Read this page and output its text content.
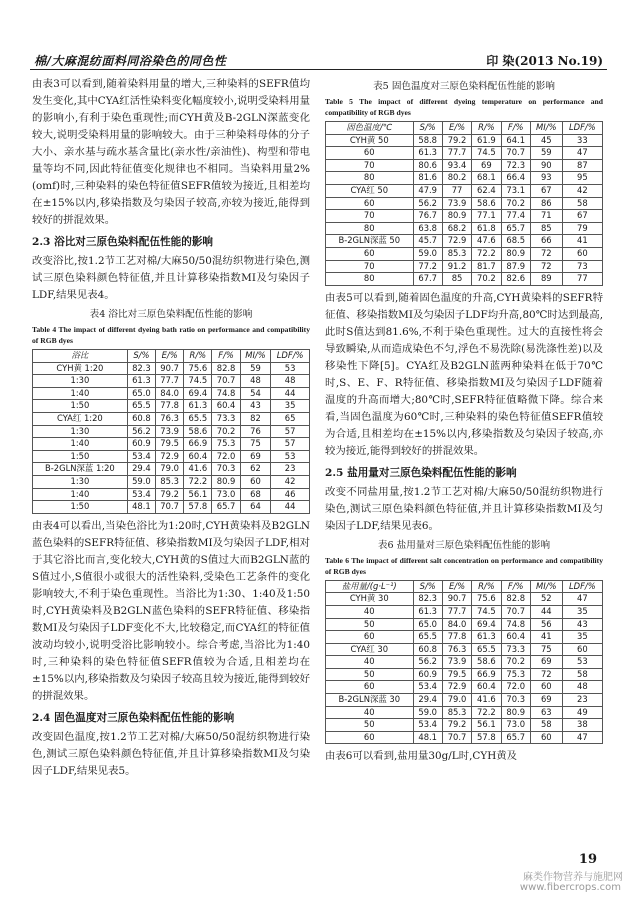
棉/大麻混纺面料同浴染色的同色性	印 染(2013 No.19)

由表3可以看到,随着染料用量的增大,三种染料的SEFR值均发生变化,其中CYA红活性染料变化幅度较小,说明受染料用量的影响小,有利于染色重现性;而CYH黄及B-2GLN深蓝变化较大,说明受染料用量的影响较大。由于三种染料母体的分子大小、亲水基与疏水基含量比(亲水性/亲油性)、构型和带电量等均不同,因此特征值变化规律也不相同。当染料用量2%(omf)时,三种染料的染色特征值SEFR值较为接近,且相差均在±15%以内,移染指数及匀染因子较高,亦较为接近,能得到较好的拼混效果。

2.3 浴比对三原色染料配伍性能的影响

改变浴比,按1.2节工艺对棉/大麻50/50混纺织物进行染色,测试三原色染料颜色特征值,并且计算移染指数MI及匀染因子LDF,结果见表4。

表4 浴比对三原色染料配伍性能的影响
Table 4 The impact of different dyeing bath ratio on performance and compatibility of RGB dyes
浴比	S/%	E/%	R/%	F/%	MI/%	LDF/%
CYH黄 1:20	82.3	90.7	75.6	82.8	59	53
1:30	61.3	77.7	74.5	70.7	48	48
1:40	65.0	84.0	69.4	74.8	54	44
1:50	65.5	77.8	61.3	60.4	43	35
CYA红 1:20	60.8	76.3	65.5	73.3	82	65
1:30	56.2	73.9	58.6	70.2	76	57
1:40	60.9	79.5	66.9	75.3	75	57
1:50	53.4	72.9	60.4	72.0	69	53
B-2GLN深蓝 1:20	29.4	79.0	41.6	70.3	62	23
1:30	59.0	85.3	72.2	80.9	60	42
1:40	53.4	79.2	56.1	73.0	68	46
1:50	48.1	70.7	57.8	65.7	64	44

由表4可以看出,当染色浴比为1:20时,CYH黄染料及B2GLN蓝色染料的SEFR特征值、移染指数MI及匀染因子LDF,相对于其它浴比而言,变化较大,CYH黄的S值过大而B2GLN蓝的S值过小,S值很小或很大的活性染料,受染色工艺条件的变化影响较大,不利于染色重现性。当浴比为1:30、1:40及1:50时,CYH黄染料及B2GLN蓝色染料的SEFR特征值、移染指数MI及匀染因子LDF变化不大,比较稳定,而CYA红的特征值波动均较小,说明受浴比影响较小。综合考虑,当浴比为1:40时,三种染料的染色特征值SEFR值较为合适,且相差均在±15%以内,移染指数及匀染因子较高且较为接近,能得到较好的拼混效果。

2.4 固色温度对三原色染料配伍性能的影响

改变固色温度,按1.2节工艺对棉/大麻50/50混纺织物进行染色,测试三原色染料颜色特征值,并且计算移染指数MI及匀染因子LDF,结果见表5。

表5 固色温度对三原色染料配伍性能的影响
Table 5 The impact of different dyeing temperature on performance and compatibility of RGB dyes
固色温度/℃	S/%	E/%	R/%	F/%	MI/%	LDF/%
CYH黄 50	58.8	79.2	61.9	64.1	45	33
60	61.3	77.7	74.5	70.7	59	47
70	80.6	93.4	69	72.3	90	87
80	81.6	80.2	68.1	66.4	93	95
CYA红 50	47.9	77	62.4	73.1	67	42
60	56.2	73.9	58.6	70.2	86	58
70	76.7	80.9	77.1	77.4	71	67
80	63.8	68.2	61.8	65.7	85	79
B-2GLN深蓝 50	45.7	72.9	47.6	68.5	66	41
60	59.0	85.3	72.2	80.9	72	60
70	77.2	91.2	81.7	87.9	72	73
80	67.7	85	70.2	82.6	89	77

由表5可以看到,随着固色温度的升高,CYH黄染料的SEFR特征值、移染指数MI及匀染因子LDF均升高,80℃时达到最高,此时S值达到81.6%,不利于染色重现性。过大的直接性将会导致瞬染,从而造成染色不匀,浮色不易洗除(易洗涤性差)以及移染性下降[5]。CYA红及B2GLN蓝两种染料在低于70℃时,S、E、F、R特征值、移染指数MI及匀染因子LDF随着温度的升高而增大;80℃时,SEFR特征值略微下降。综合来看,当固色温度为60℃时,三种染料的染色特征值SEFR值较为合适,且相差均在±15%以内,移染指数及匀染因子较高,亦较为接近,能得到较好的拼混效果。

2.5 盐用量对三原色染料配伍性能的影响

改变不同盐用量,按1.2节工艺对棉/大麻50/50混纺织物进行染色,测试三原色染料颜色特征值,并且计算移染指数MI及匀染因子LDF,结果见表6。

表6 盐用量对三原色染料配伍性能的影响
Table 6 The impact of different salt concentration on performance and compatibility of RGB dyes
盐用量/(g·L⁻¹)	S/%	E/%	R/%	F/%	MI/%	LDF/%
CYH黄 30	82.3	90.7	75.6	82.8	52	47
40	61.3	77.7	74.5	70.7	44	35
50	65.0	84.0	69.4	74.8	56	43
60	65.5	77.8	61.3	60.4	41	35
CYA红 30	60.8	76.3	65.5	73.3	75	60
40	56.2	73.9	58.6	70.2	69	53
50	60.9	79.5	66.9	75.3	72	58
60	53.4	72.9	60.4	72.0	60	48
B-2GLN深蓝 30	29.4	79.0	41.6	70.3	69	23
40	59.0	85.3	72.2	80.9	63	49
50	53.4	79.2	56.1	73.0	58	38
60	48.1	70.7	57.8	65.7	60	47

由表6可以看到,盐用量30g/L时,CYH黄及

19
麻类作物营养与施肥网
www.fibercrops.com
